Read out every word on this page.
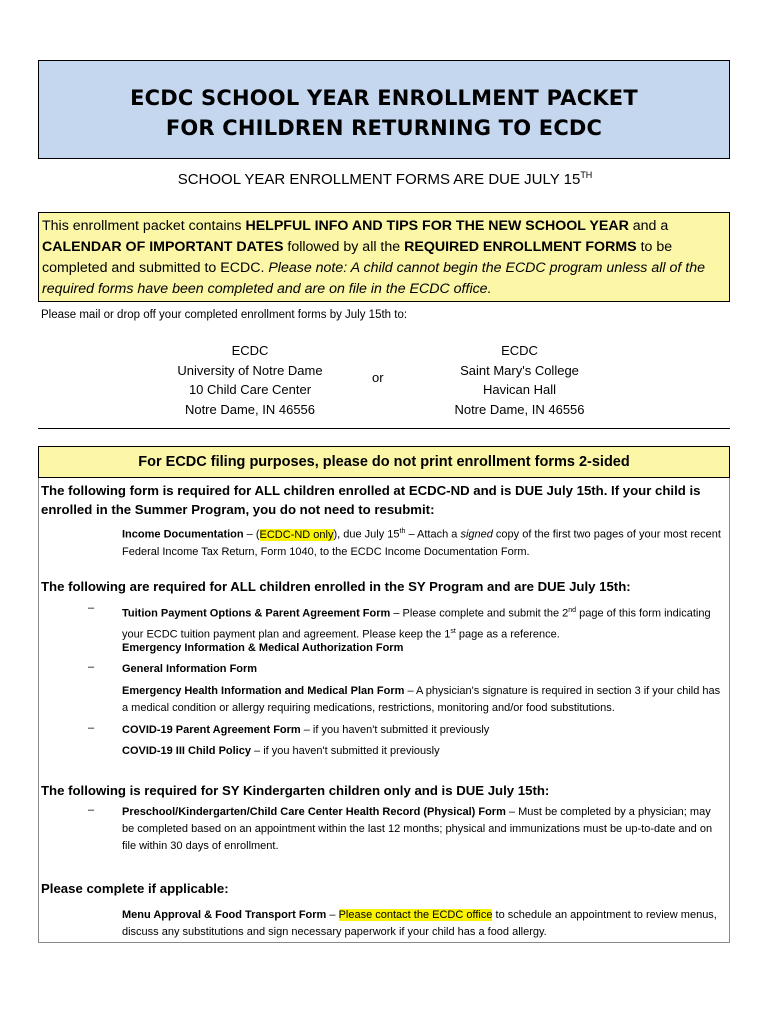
ECDC SCHOOL YEAR ENROLLMENT PACKET
FOR CHILDREN RETURNING TO ECDC
SCHOOL YEAR ENROLLMENT FORMS ARE DUE JULY 15TH
This enrollment packet contains HELPFUL INFO AND TIPS FOR THE NEW SCHOOL YEAR and a CALENDAR OF IMPORTANT DATES followed by all the REQUIRED ENROLLMENT FORMS to be completed and submitted to ECDC. Please note: A child cannot begin the ECDC program unless all of the required forms have been completed and are on file in the ECDC office.
Please mail or drop off your completed enrollment forms by July 15th to:
ECDC
University of Notre Dame
10 Child Care Center
Notre Dame, IN 46556
or
ECDC
Saint Mary's College
Havican Hall
Notre Dame, IN 46556
For ECDC filing purposes, please do not print enrollment forms 2-sided
The following form is required for ALL children enrolled at ECDC-ND and is DUE July 15th. If your child is enrolled in the Summer Program, you do not need to resubmit:
Income Documentation – (ECDC-ND only), due July 15th – Attach a signed copy of the first two pages of your most recent Federal Income Tax Return, Form 1040, to the ECDC Income Documentation Form.
The following are required for ALL children enrolled in the SY Program and are DUE July 15th:
–	Tuition Payment Options & Parent Agreement Form – Please complete and submit the 2nd page of this form indicating your ECDC tuition payment plan and agreement. Please keep the 1st page as a reference.
Emergency Information & Medical Authorization Form
–	General Information Form
Emergency Health Information and Medical Plan Form – A physician's signature is required in section 3 if your child has a medical condition or allergy requiring medications, restrictions, monitoring and/or food substitutions.
–	COVID-19 Parent Agreement Form – if you haven't submitted it previously
COVID-19 III Child Policy – if you haven't submitted it previously
The following is required for SY Kindergarten children only and is DUE July 15th:
–	Preschool/Kindergarten/Child Care Center Health Record (Physical) Form – Must be completed by a physician; may be completed based on an appointment within the last 12 months; physical and immunizations must be up-to-date and on file within 30 days of enrollment.
Please complete if applicable:
Menu Approval & Food Transport Form – Please contact the ECDC office to schedule an appointment to review menus, discuss any substitutions and sign necessary paperwork if your child has a food allergy.
